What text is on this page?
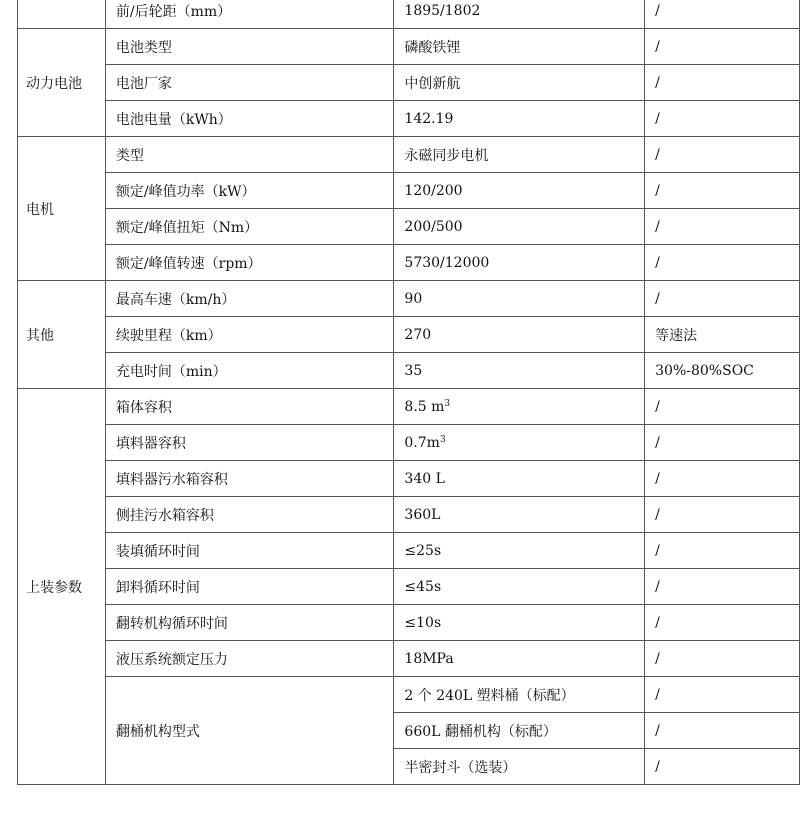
	前/后轮距（mm）	1895/1802	/
动力电池	电池类型	磷酸铁锂	/
	电池厂家	中创新航	/
	电池电量（kWh）	142.19	/
电机	类型	永磁同步电机	/
	额定/峰值功率（kW）	120/200	/
	额定/峰值扭矩（Nm）	200/500	/
	额定/峰值转速（rpm）	5730/12000	/
其他	最高车速（km/h）	90	/
	续驶里程（km）	270	等速法
	充电时间（min）	35	30%-80%SOC
上装参数	箱体容积	8.5 $m^3$	/
	填料器容积	$0.7m^3$	/
	填料器污水箱容积	340 L	/
	侧挂污水箱容积	360L	/
	装填循环时间	≤25s	/
	卸料循环时间	≤45s	/
	翻转机构循环时间	≤10s	/
	液压系统额定压力	18MPa	/
	翻桶机构型式	2 个 240L 塑料桶（标配）	/
		660L 翻桶机构（标配）	/
		半密封斗（选装）	/
